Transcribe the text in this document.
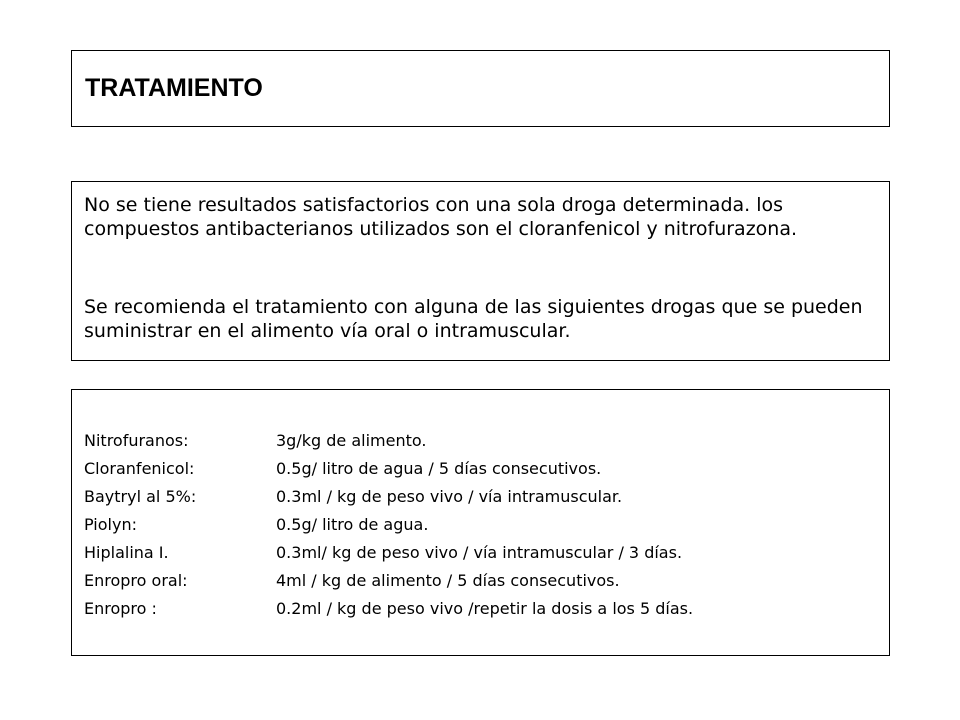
TRATAMIENTO
No se tiene resultados satisfactorios con una sola droga determinada. los compuestos antibacterianos utilizados son el cloranfenicol y nitrofurazona.
Se recomienda el tratamiento con alguna de las siguientes drogas que se pueden suministrar en el alimento vía oral o intramuscular.
Nitrofuranos:	3g/kg de alimento.
Cloranfenicol:	0.5g/ litro de agua / 5 días consecutivos.
Baytryl al 5%:	0.3ml / kg de peso vivo / vía intramuscular.
Piolyn:	0.5g/ litro de agua.
Hiplalina I.	0.3ml/ kg de peso vivo / vía intramuscular / 3 días.
Enropro oral:	4ml / kg de alimento / 5 días consecutivos.
Enropro :	0.2ml / kg de peso vivo /repetir la dosis a los 5 días.
